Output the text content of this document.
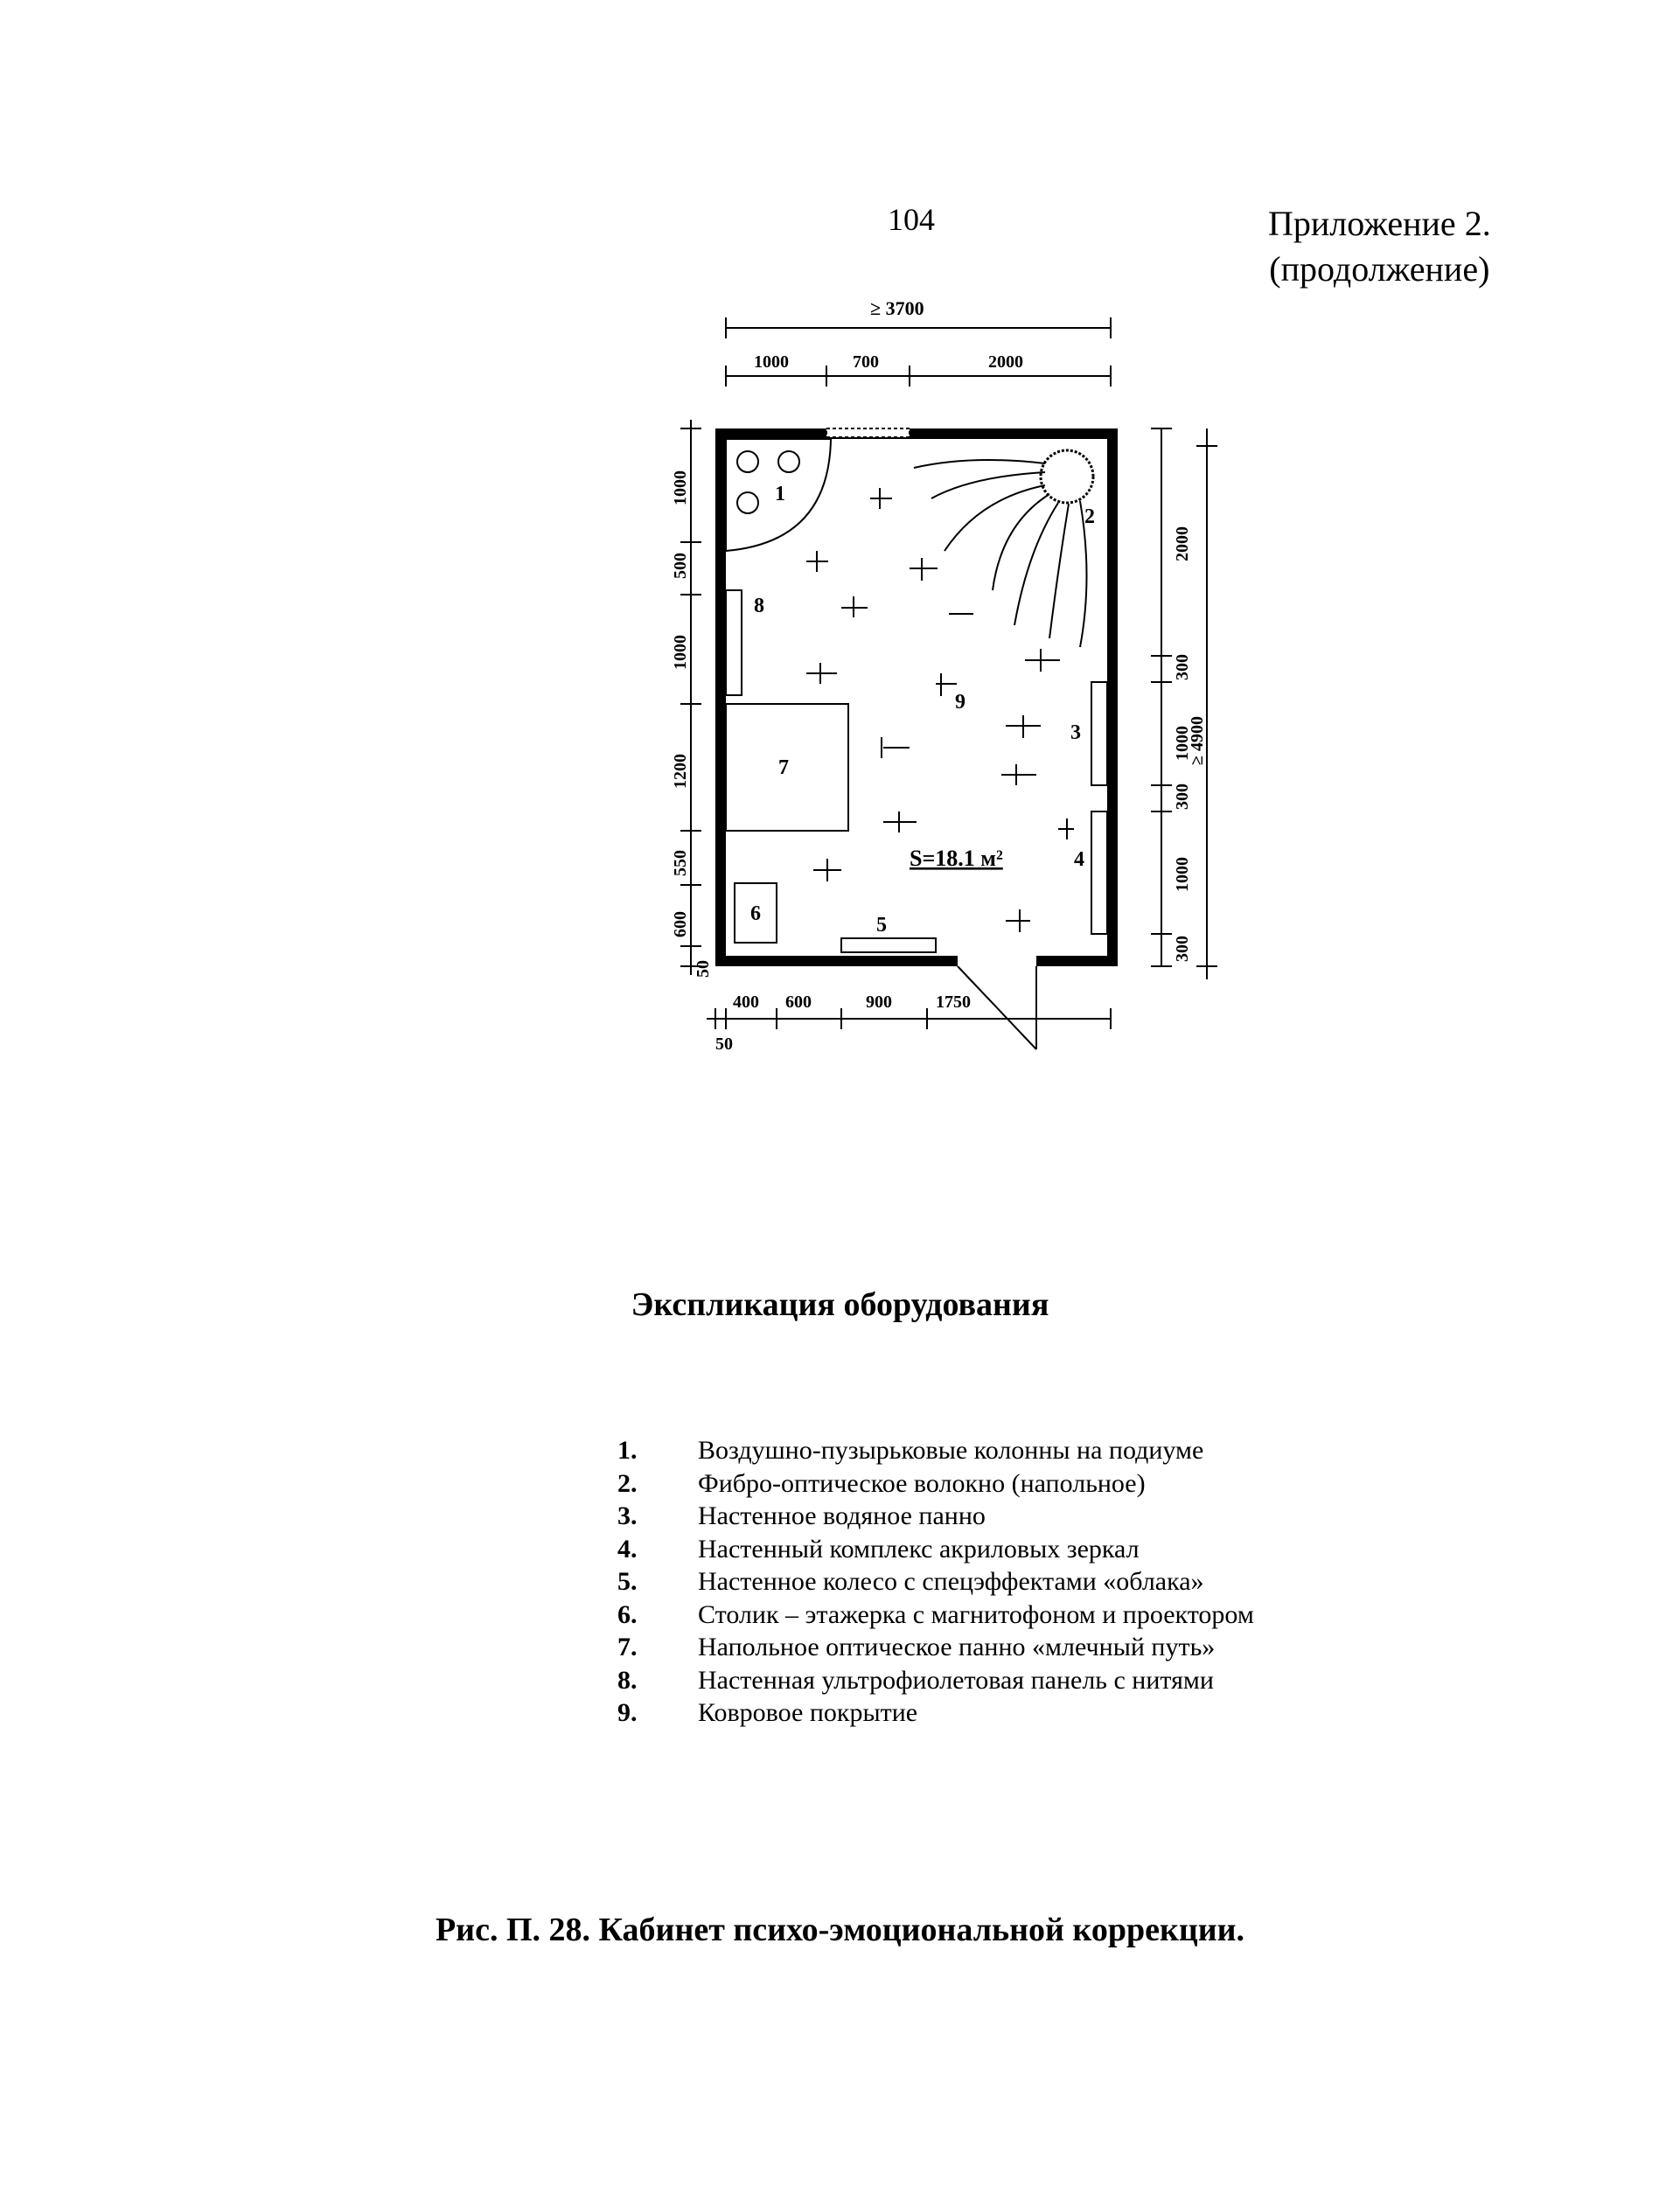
104	Приложение 2.
(продолжение)
≥ 3700
1000	700	2000
1
2
8
7
6	5
3
4
9
S=18.1 м²
1000
500
1000
1200
550
600
50
2000
300
1000
300
1000
300
≥ 4900
400 600	900	1750
50
Экспликация оборудования
1.	Воздушно-пузырьковые колонны на подиуме
2.	Фибро-оптическое волокно (напольное)
3.	Настенное водяное панно
4.	Настенный комплекс акриловых зеркал
5.	Настенное колесо с спецэффектами «облака»
6.	Столик – этажерка с магнитофоном и проектором
7.	Напольное оптическое панно «млечный путь»
8.	Настенная ультрофиолетовая панель с нитями
9.	Ковровое покрытие
Рис. П. 28. Кабинет психо-эмоциональной коррекции.
